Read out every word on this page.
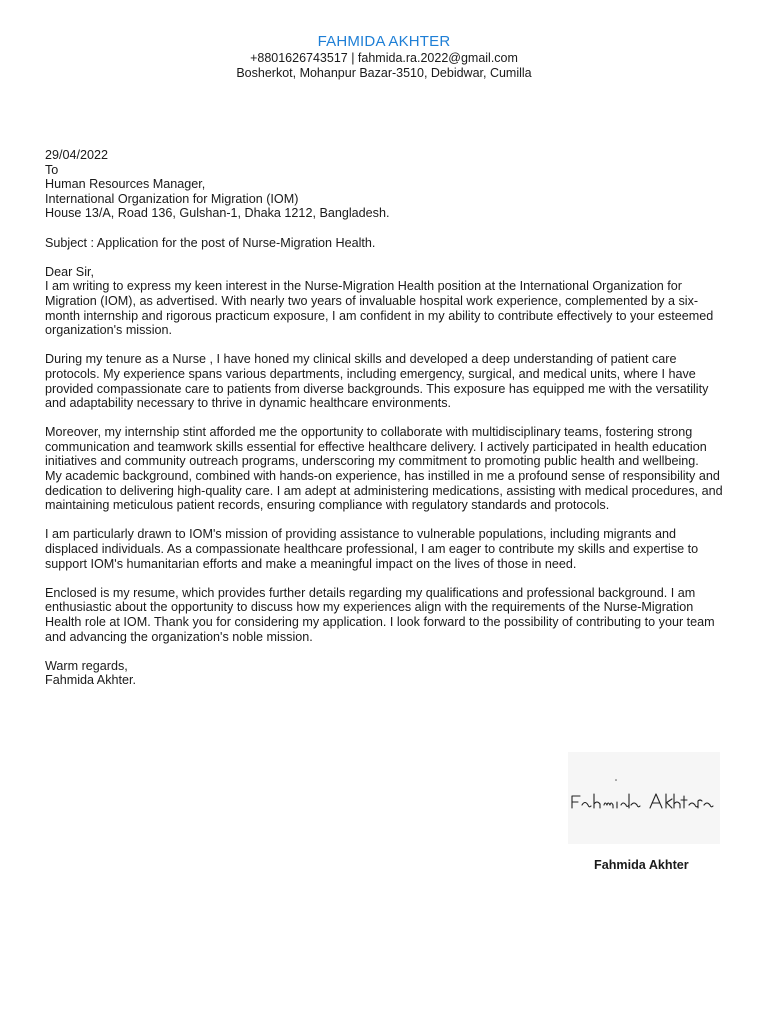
FAHMIDA AKHTER
+8801626743517 | fahmida.ra.2022@gmail.com
Bosherkot, Mohanpur Bazar-3510, Debidwar, Cumilla

29/04/2022

To

Human Resources Manager,

International Organization for Migration (IOM)

House 13/A, Road 136, Gulshan-1, Dhaka 1212, Bangladesh.

Subject : Application for the post of Nurse-Migration Health.

Dear Sir,

I am writing to express my keen interest in the Nurse-Migration Health position at the International Organization for Migration (IOM), as advertised. With nearly two years of invaluable hospital work experience, complemented by a six-month internship and rigorous practicum exposure, I am confident in my ability to contribute effectively to your esteemed organization's mission.

During my tenure as a Nurse , I have honed my clinical skills and developed a deep understanding of patient care protocols. My experience spans various departments, including emergency, surgical, and medical units, where I have provided compassionate care to patients from diverse backgrounds. This exposure has equipped me with the versatility and adaptability necessary to thrive in dynamic healthcare environments.

Moreover, my internship stint afforded me the opportunity to collaborate with multidisciplinary teams, fostering strong communication and teamwork skills essential for effective healthcare delivery. I actively participated in health education initiatives and community outreach programs, underscoring my commitment to promoting public health and wellbeing.

My academic background, combined with hands-on experience, has instilled in me a profound sense of responsibility and dedication to delivering high-quality care. I am adept at administering medications, assisting with medical procedures, and maintaining meticulous patient records, ensuring compliance with regulatory standards and protocols.

I am particularly drawn to IOM's mission of providing assistance to vulnerable populations, including migrants and displaced individuals. As a compassionate healthcare professional, I am eager to contribute my skills and expertise to support IOM's humanitarian efforts and make a meaningful impact on the lives of those in need.

Enclosed is my resume, which provides further details regarding my qualifications and professional background. I am enthusiastic about the opportunity to discuss how my experiences align with the requirements of the Nurse-Migration Health role at IOM. Thank you for considering my application. I look forward to the possibility of contributing to your team and advancing the organization's noble mission.

Warm regards,

Fahmida Akhter.

Fahmida Akhter
